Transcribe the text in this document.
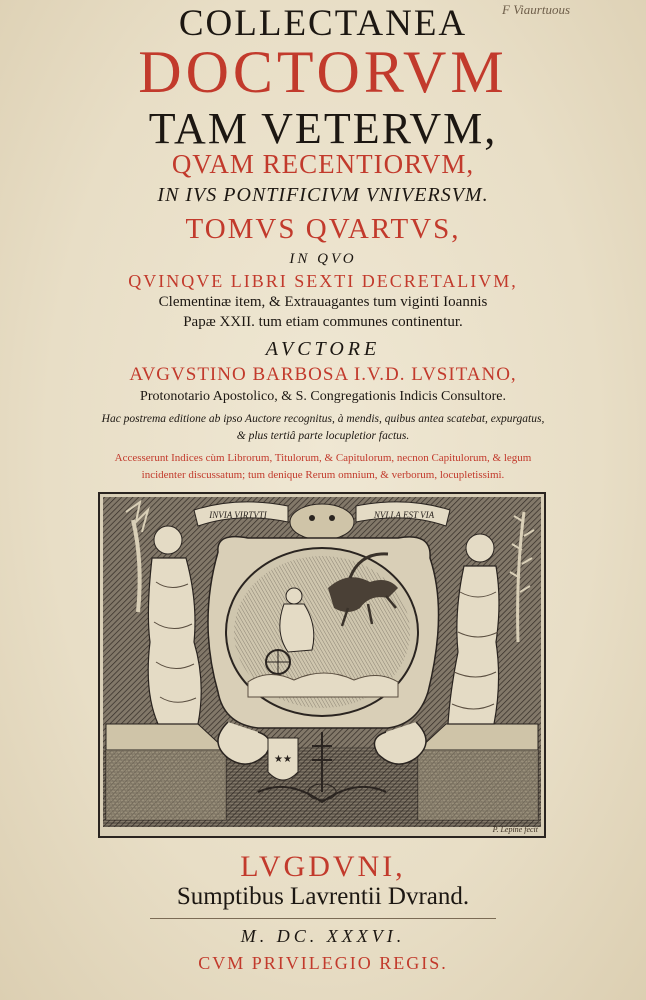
F Viaurtuous
COLLECTANEA
DOCTORVM
TAM VETERVM,
QVAM RECENTIORVM,
IN IVS PONTIFICIVM VNIVERSVM.
TOMVS QVARTVS,
IN QVO
QVINQVE LIBRI SEXTI DECRETALIVM,
Clementinæ item, & Extrauagantes tum viginti Ioannis
Papæ XXII. tum etiam communes continentur.
AVCTORE
AVGVSTINO BARBOSA I.V.D. LVSITANO,
Protonotario Apostolico, & S. Congregationis Indicis Consultore.
Hac postrema editione ab ipso Auctore recognitus, à mendis, quibus antea scatebat, expurgatus,
& plus tertiâ parte locupletior factus.
Accesserunt Indices cùm Librorum, Titulorum, & Capitulorum, necnon Capitulorum, & legum
incidenter discussatum; tum denique Rerum omnium, & verborum, locupletissimi.
INVIA VIRTVTI	NVLLA EST VIA
★★
P. Lepine fecit
LVGDVNI,
Sumptibus Lavrentii Dvrand.
M. DC. XXXVI.
CVM PRIVILEGIO REGIS.
